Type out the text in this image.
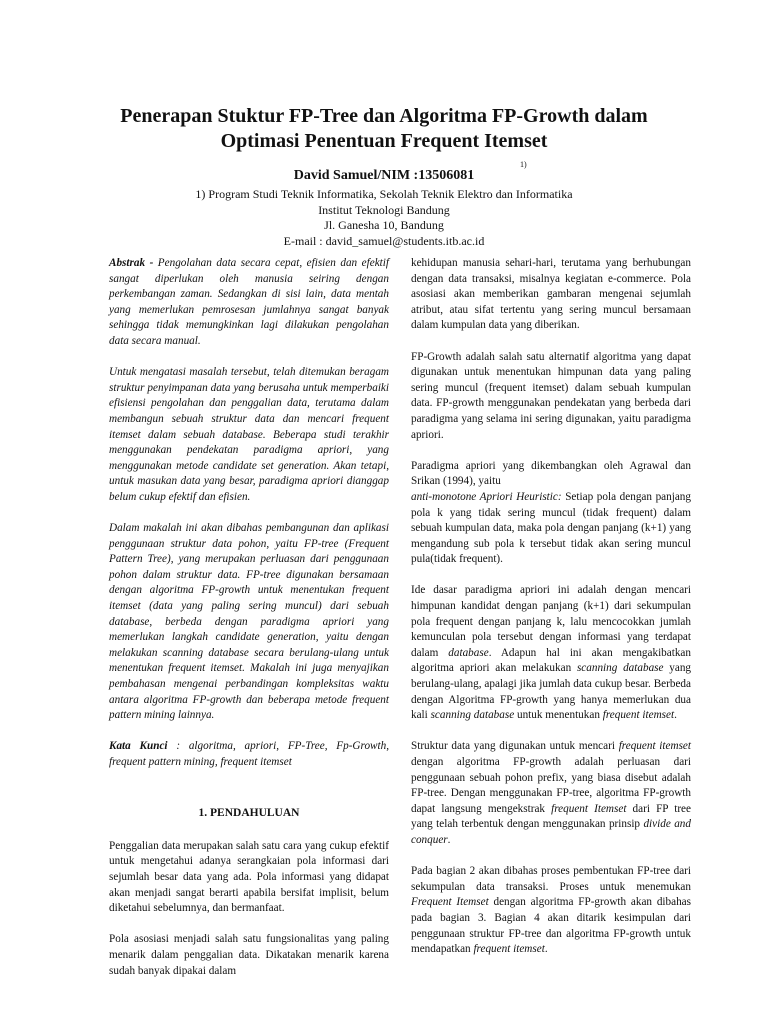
Penerapan Stuktur FP-Tree dan Algoritma FP-Growth dalam
Optimasi Penentuan Frequent Itemset
1)
David Samuel/NIM :13506081
1) Program Studi Teknik Informatika, Sekolah Teknik Elektro dan Informatika
Institut Teknologi Bandung
Jl. Ganesha 10, Bandung
E-mail : david_samuel@students.itb.ac.id

Abstrak - Pengolahan data secara cepat, efisien dan efektif sangat diperlukan oleh manusia seiring dengan perkembangan zaman. Sedangkan di sisi lain, data mentah yang memerlukan pemrosesan jumlahnya sangat banyak sehingga tidak memungkinkan lagi dilakukan pengolahan data secara manual.

Untuk mengatasi masalah tersebut, telah ditemukan beragam struktur penyimpanan data yang berusaha untuk memperbaiki efisiensi pengolahan dan penggalian data, terutama dalam membangun sebuah struktur data dan mencari frequent itemset dalam sebuah database. Beberapa studi terakhir menggunakan pendekatan paradigma apriori, yang menggunakan metode candidate set generation. Akan tetapi, untuk masukan data yang besar, paradigma apriori dianggap belum cukup efektif dan efisien.

Dalam makalah ini akan dibahas pembangunan dan aplikasi penggunaan struktur data pohon, yaitu FP-tree (Frequent Pattern Tree), yang merupakan perluasan dari penggunaan pohon dalam struktur data. FP-tree digunakan bersamaan dengan algoritma FP-growth untuk menentukan frequent itemset (data yang paling sering muncul) dari sebuah database, berbeda dengan paradigma apriori yang memerlukan langkah candidate generation, yaitu dengan melakukan scanning database secara berulang-ulang untuk menentukan frequent itemset. Makalah ini juga menyajikan pembahasan mengenai perbandingan kompleksitas waktu antara algoritma FP-growth dan beberapa metode frequent pattern mining lainnya.

Kata Kunci : algoritma, apriori, FP-Tree, Fp-Growth, frequent pattern mining, frequent itemset

1. PENDAHULUAN

Penggalian data merupakan salah satu cara yang cukup efektif untuk mengetahui adanya serangkaian pola informasi dari sejumlah besar data yang ada. Pola informasi yang didapat akan menjadi sangat berarti apabila bersifat implisit, belum diketahui sebelumnya, dan bermanfaat.

Pola asosiasi menjadi salah satu fungsionalitas yang paling menarik dalam penggalian data. Dikatakan menarik karena sudah banyak dipakai dalam

kehidupan manusia sehari-hari, terutama yang berhubungan dengan data transaksi, misalnya kegiatan e-commerce. Pola asosiasi akan memberikan gambaran mengenai sejumlah atribut, atau sifat tertentu yang sering muncul bersamaan dalam kumpulan data yang diberikan.

FP-Growth adalah salah satu alternatif algoritma yang dapat digunakan untuk menentukan himpunan data yang paling sering muncul (frequent itemset) dalam sebuah kumpulan data. FP-growth menggunakan pendekatan yang berbeda dari paradigma yang selama ini sering digunakan, yaitu paradigma apriori.

Paradigma apriori yang dikembangkan oleh Agrawal dan Srikan (1994), yaitu
anti-monotone Apriori Heuristic: Setiap pola dengan panjang pola k yang tidak sering muncul (tidak frequent) dalam sebuah kumpulan data, maka pola dengan panjang (k+1) yang mengandung sub pola k tersebut tidak akan sering muncul pula(tidak frequent).

Ide dasar paradigma apriori ini adalah dengan mencari himpunan kandidat dengan panjang (k+1) dari sekumpulan pola frequent dengan panjang k, lalu mencocokkan jumlah kemunculan pola tersebut dengan informasi yang terdapat dalam database. Adapun hal ini akan mengakibatkan algoritma apriori akan melakukan scanning database yang berulang-ulang, apalagi jika jumlah data cukup besar. Berbeda dengan Algoritma FP-growth yang hanya memerlukan dua kali scanning database untuk menentukan frequent itemset.

Struktur data yang digunakan untuk mencari frequent itemset dengan algoritma FP-growth adalah perluasan dari penggunaan sebuah pohon prefix, yang biasa disebut adalah FP-tree. Dengan menggunakan FP-tree, algoritma FP-growth dapat langsung mengekstrak frequent Itemset dari FP tree yang telah terbentuk dengan menggunakan prinsip divide and conquer.

Pada bagian 2 akan dibahas proses pembentukan FP-tree dari sekumpulan data transaksi. Proses untuk menemukan Frequent Itemset dengan algoritma FP-growth akan dibahas pada bagian 3. Bagian 4 akan ditarik kesimpulan dari penggunaan struktur FP-tree dan algoritma FP-growth untuk mendapatkan frequent itemset.
